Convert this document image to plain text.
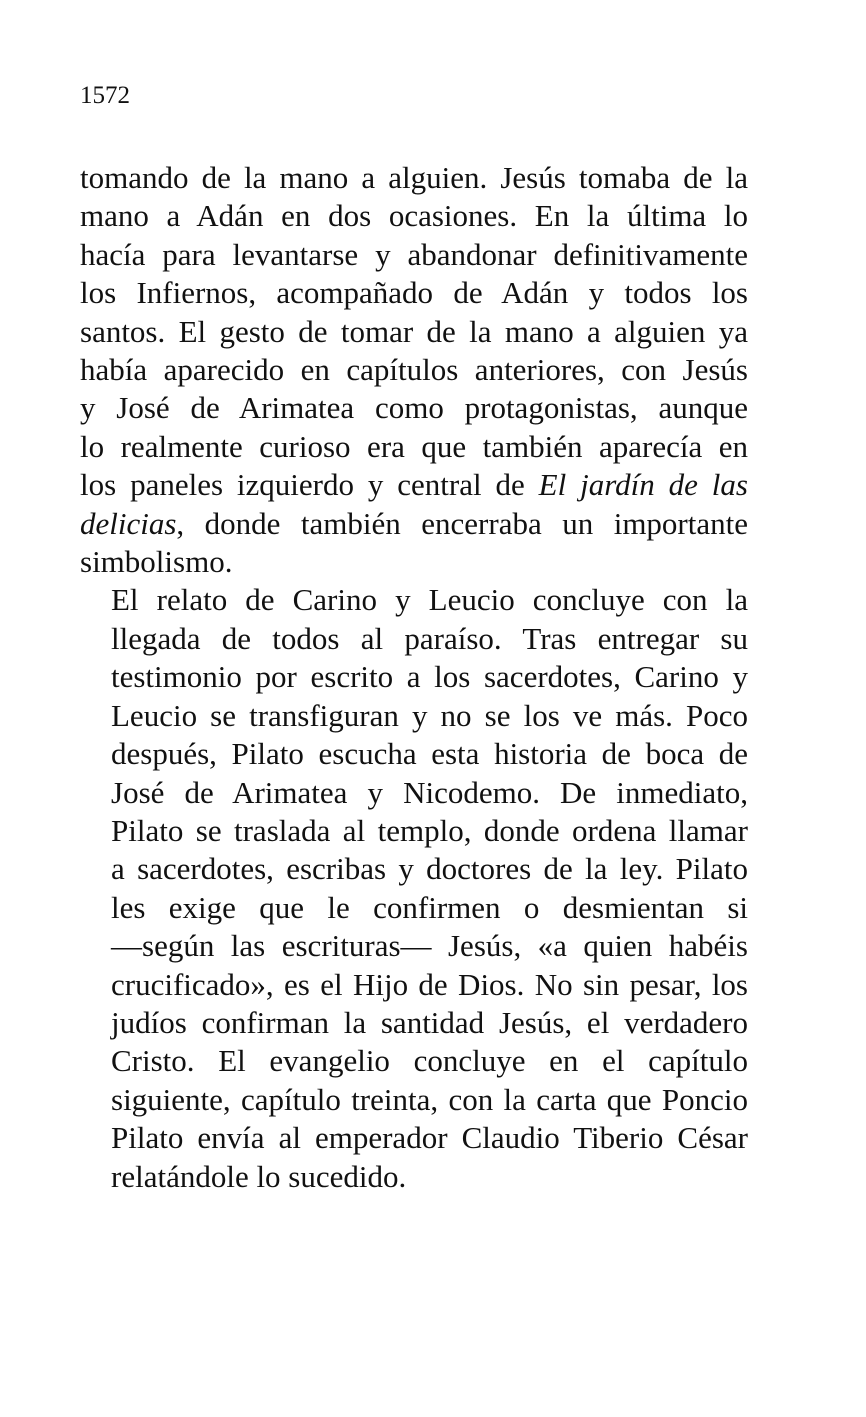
1572

tomando de la mano a alguien. Jesús tomaba de la
mano a Adán en dos ocasiones. En la última lo
hacía para levantarse y abandonar definitivamente
los Infiernos, acompañado de Adán y todos los
santos. El gesto de tomar de la mano a alguien ya
había aparecido en capítulos anteriores, con Jesús
y José de Arimatea como protagonistas, aunque
lo realmente curioso era que también aparecía en
los paneles izquierdo y central de El jardín de las
delicias, donde también encerraba un importante
simbolismo.

El relato de Carino y Leucio concluye con la
llegada de todos al paraíso. Tras entregar su
testimonio por escrito a los sacerdotes, Carino y
Leucio se transfiguran y no se los ve más. Poco
después, Pilato escucha esta historia de boca de
José de Arimatea y Nicodemo. De inmediato,
Pilato se traslada al templo, donde ordena llamar
a sacerdotes, escribas y doctores de la ley. Pilato
les exige que le confirmen o desmientan si
—según las escrituras— Jesús, «a quien habéis
crucificado», es el Hijo de Dios. No sin pesar, los
judíos confirman la santidad Jesús, el verdadero
Cristo. El evangelio concluye en el capítulo
siguiente, capítulo treinta, con la carta que Poncio
Pilato envía al emperador Claudio Tiberio César
relatándole lo sucedido.
